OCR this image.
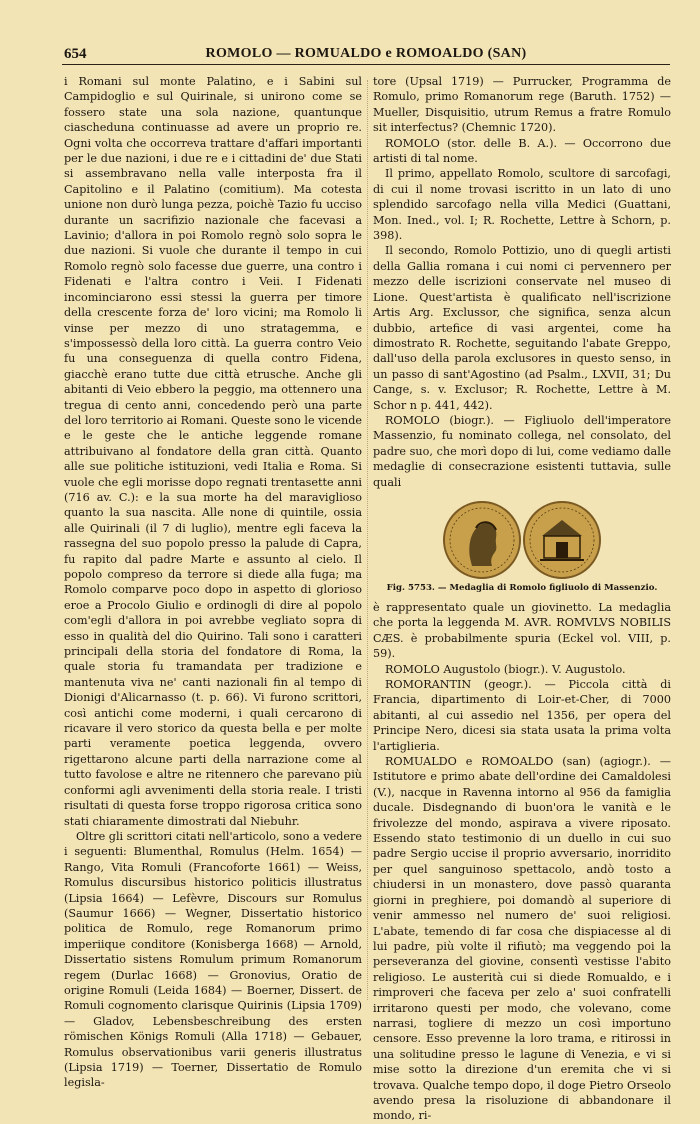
654	ROMOLO — ROMUALDO e ROMOALDO (SAN)

i Romani sul monte Palatino, e i Sabini sul Campidoglio e sul Quirinale, si unirono come se fossero state una sola nazione, quantunque ciascheduna continuasse ad avere un proprio re. Ogni volta che occorreva trattare d'affari importanti per le due nazioni, i due re e i cittadini de' due Stati si assembravano nella valle interposta fra il Capitolino e il Palatino (comitium). Ma cotesta unione non durò lunga pezza, poichè Tazio fu ucciso durante un sacrifizio nazionale che facevasi a Lavinio; d'allora in poi Romolo regnò solo sopra le due nazioni. Si vuole che durante il tempo in cui Romolo regnò solo facesse due guerre, una contro i Fidenati e l'altra contro i Veii. I Fidenati incominciarono essi stessi la guerra per timore della crescente forza de' loro vicini; ma Romolo li vinse per mezzo di uno stratagemma, e s'impossessò della loro città. La guerra contro Veio fu una conseguenza di quella contro Fidena, giacchè erano tutte due città etrusche. Anche gli abitanti di Veio ebbero la peggio, ma ottennero una tregua di cento anni, concedendo però una parte del loro territorio ai Romani. Queste sono le vicende e le geste che le antiche leggende romane attribuivano al fondatore della gran città. Quanto alle sue politiche istituzioni, vedi Italia e Roma. Si vuole che egli morisse dopo regnati trentasette anni (716 av. C.): e la sua morte ha del maraviglioso quanto la sua nascita. Alle none di quintile, ossia alle Quirinali (il 7 di luglio), mentre egli faceva la rassegna del suo popolo presso la palude di Capra, fu rapito dal padre Marte e assunto al cielo. Il popolo compreso da terrore si diede alla fuga; ma Romolo comparve poco dopo in aspetto di glorioso eroe a Procolo Giulio e ordinogli di dire al popolo com'egli d'allora in poi avrebbe vegliato sopra di esso in qualità del dio Quirino. Tali sono i caratteri principali della storia del fondatore di Roma, la quale storia fu tramandata per tradizione e mantenuta viva ne' canti nazionali fin al tempo di Dionigi d'Alicarnasso (t. p. 66). Vi furono scrittori, così antichi come moderni, i quali cercarono di ricavare il vero storico da questa bella e per molte parti veramente poetica leggenda, ovvero rigettarono alcune parti della narrazione come al tutto favolose e altre ne ritennero che parevano più conformi agli avvenimenti della storia reale. I tristi risultati di questa forse troppo rigorosa critica sono stati chiaramente dimostrati dal Niebuhr.

Oltre gli scrittori citati nell'articolo, sono a vedere i seguenti: Blumenthal, Romulus (Helm. 1654) — Rango, Vita Romuli (Francoforte 1661) — Weiss, Romulus discursibus historico politicis illustratus (Lipsia 1664) — Lefèvre, Discours sur Romulus (Saumur 1666) — Wegner, Dissertatio historico politica de Romulo, rege Romanorum primo imperiique conditore (Konisberga 1668) — Arnold, Dissertatio sistens Romulum primum Romanorum regem (Durlac 1668) — Gronovius, Oratio de origine Romuli (Leida 1684) — Boerner, Dissert. de Romuli cognomento clarisque Quirinis (Lipsia 1709) — Gladov, Lebensbeschreibung des ersten römischen Königs Romuli (Alla 1718) — Gebauer, Romulus observationibus varii generis illustratus (Lipsia 1719) — Toerner, Dissertatio de Romulo legisla-

tore (Upsal 1719) — Purrucker, Programma de Romulo, primo Romanorum rege (Baruth. 1752) — Mueller, Disquisitio, utrum Remus a fratre Romulo sit interfectus? (Chemnic 1720).

ROMOLO (stor. delle B. A.). — Occorrono due artisti di tal nome.

Il primo, appellato Romolo, scultore di sarcofagi, di cui il nome trovasi iscritto in un lato di uno splendido sarcofago nella villa Medici (Guattani, Mon. Ined., vol. I; R. Rochette, Lettre à Schorn, p. 398).

Il secondo, Romolo Pottizio, uno di quegli artisti della Gallia romana i cui nomi ci pervennero per mezzo delle iscrizioni conservate nel museo di Lione. Quest'artista è qualificato nell'iscrizione Artis Arg. Exclussor, che significa, senza alcun dubbio, artefice di vasi argentei, come ha dimostrato R. Rochette, seguitando l'abate Greppo, dall'uso della parola exclusores in questo senso, in un passo di sant'Agostino (ad Psalm., LXVII, 31; Du Cange, s. v. Exclusor; R. Rochette, Lettre à M. Schor n p. 441, 442).

ROMOLO (biogr.). — Figliuolo dell'imperatore Massenzio, fu nominato collega, nel consolato, del padre suo, che morì dopo di lui, come vediamo dalle medaglie di consecrazione esistenti tuttavia, sulle quali

Fig. 5753. — Medaglia di Romolo figliuolo di Massenzio.

è rappresentato quale un giovinetto. La medaglia che porta la leggenda M. AVR. ROMVLVS NOBILIS CÆS. è probabilmente spuria (Eckel vol. VIII, p. 59).

ROMOLO Augustolo (biogr.). V. Augustolo.

ROMORANTIN (geogr.). — Piccola città di Francia, dipartimento di Loir-et-Cher, di 7000 abitanti, al cui assedio nel 1356, per opera del Principe Nero, dicesi sia stata usata la prima volta l'artiglieria.

ROMUALDO e ROMOALDO (san) (agiogr.). — Istitutore e primo abate dell'ordine dei Camaldolesi (V.), nacque in Ravenna intorno al 956 da famiglia ducale. Disdegnando di buon'ora le vanità e le frivolezze del mondo, aspirava a vivere riposato. Essendo stato testimonio di un duello in cui suo padre Sergio uccise il proprio avversario, inorridito per quel sanguinoso spettacolo, andò tosto a chiudersi in un monastero, dove passò quaranta giorni in preghiere, poi domandò al superiore di venir ammesso nel numero de' suoi religiosi. L'abate, temendo di far cosa che dispiacesse al di lui padre, più volte il rifiutò; ma veggendo poi la perseveranza del giovine, consentì vestisse l'abito religioso. Le austerità cui si diede Romualdo, e i rimproveri che faceva per zelo a' suoi confratelli irritarono questi per modo, che volevano, come narrasi, togliere di mezzo un così importuno censore. Esso prevenne la loro trama, e ritirossi in una solitudine presso le lagune di Venezia, e vi si mise sotto la direzione d'un eremita che vi si trovava. Qualche tempo dopo, il doge Pietro Orseolo avendo presa la risoluzione di abbandonare il mondo, ri-
